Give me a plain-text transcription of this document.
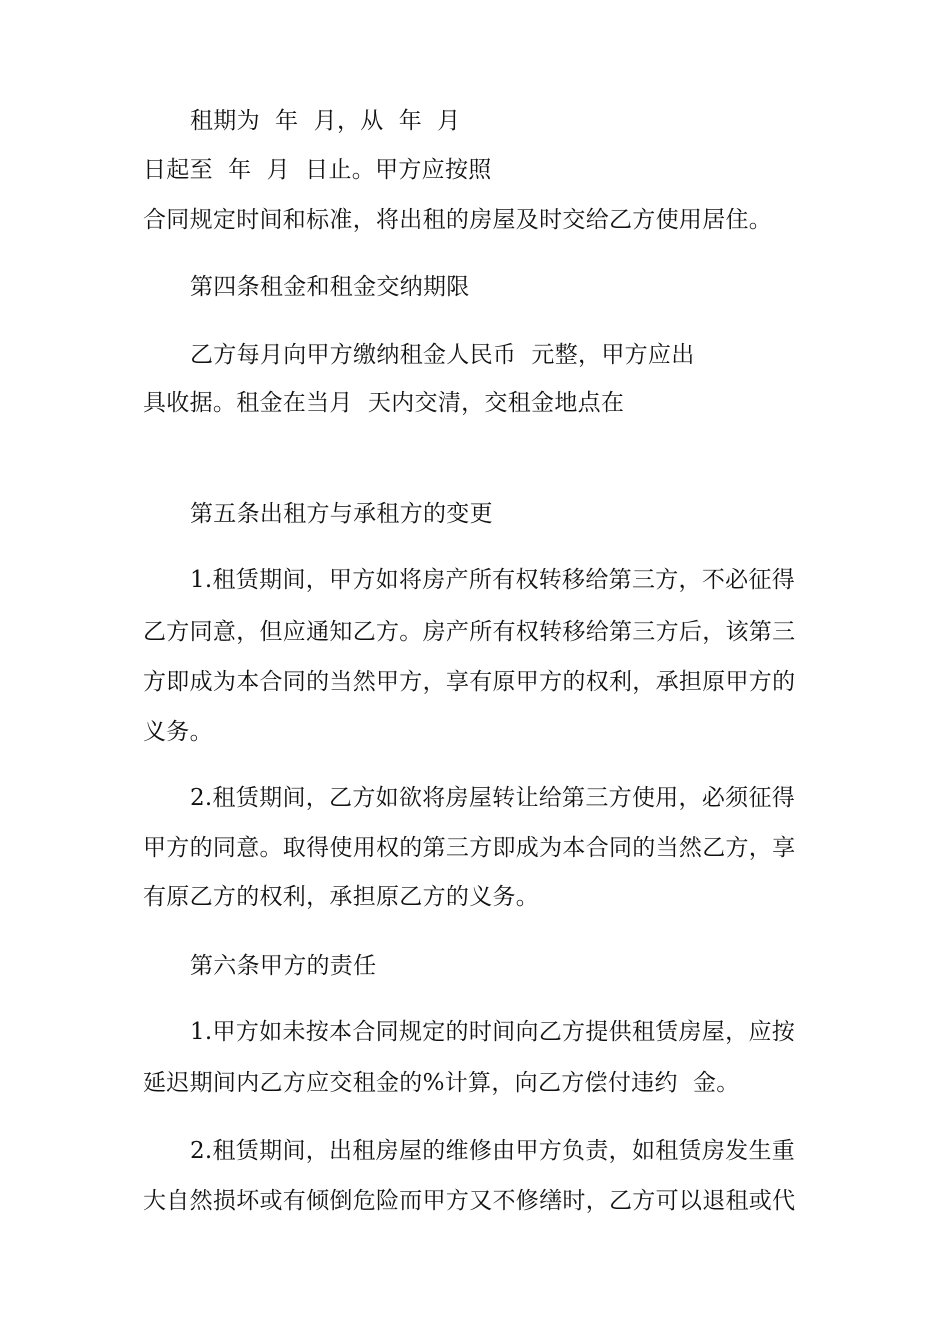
租期为  年  月，从  年  月
日起至  年  月  日止。甲方应按照
合同规定时间和标准，将出租的房屋及时交给乙方使用居住。
第四条租金和租金交纳期限
乙方每月向甲方缴纳租金人民币  元整，甲方应出
具收据。租金在当月  天内交清，交租金地点在
第五条出租方与承租方的变更
1.租赁期间，甲方如将房产所有权转移给第三方，不必征得
乙方同意，但应通知乙方。房产所有权转移给第三方后，该第三
方即成为本合同的当然甲方，享有原甲方的权利，承担原甲方的
义务。
2.租赁期间，乙方如欲将房屋转让给第三方使用，必须征得
甲方的同意。取得使用权的第三方即成为本合同的当然乙方，享
有原乙方的权利，承担原乙方的义务。
第六条甲方的责任
1.甲方如未按本合同规定的时间向乙方提供租赁房屋，应按
延迟期间内乙方应交租金的%计算，向乙方偿付违约  金。
2.租赁期间，出租房屋的维修由甲方负责，如租赁房发生重
大自然损坏或有倾倒危险而甲方又不修缮时，乙方可以退租或代
